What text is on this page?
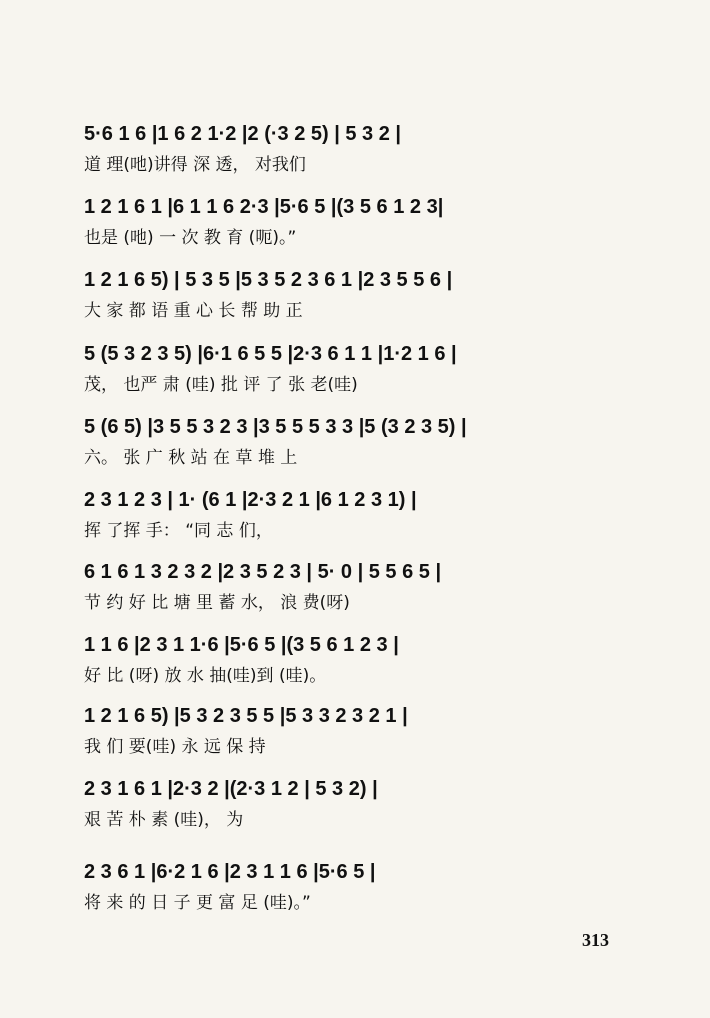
5·6 1 6 |1 6 2 1·2 |2 (·3 2 5) | 5 3 2 |
道 理(吔)讲得 深 透， 对我们
1 2 1 6 1 |6 1 1 6 2·3 |5·6 5 |(3 5 6 1 2 3|
也是 (吔) 一 次 教 育 (呃)。”
1 2 1 6 5) | 5 3 5 |5 3 5 2 3 6 1 |2 3 5 5 6 |
大 家 都 语 重 心 长 帮 助 正
5 (5 3 2 3 5) |6·1 6 5 5 |2·3 6 1 1 |1·2 1 6 |
茂， 也严 肃 (哇) 批 评 了 张 老(哇)
5 (6 5) |3 5 5 3 2 3 |3 5 5 5 3 3 |5 (3 2 3 5) |
六。 张 广 秋 站 在 草 堆 上
2 3 1 2 3 | 1· (6 1 |2·3 2 1 |6 1 2 3 1) |
挥 了挥 手： “同 志 们，
6 1 6 1 3 2 3 2 |2 3 5 2 3 | 5· 0 | 5 5 6 5 |
节 约 好 比 塘 里 蓄 水， 浪 费(呀)
1 1 6 |2 3 1 1·6 |5·6 5 |(3 5 6 1 2 3 |
好 比 (呀) 放 水 抽(哇)到 (哇)。
1 2 1 6 5) |5 3 2 3 5 5 |5 3 3 2 3 2 1 |
我 们 要(哇) 永 远 保 持
2 3 1 6 1 |2·3 2 |(2·3 1 2 | 5 3 2) |
艰 苦 朴 素 (哇)， 为
2 3 6 1 |6·2 1 6 |2 3 1 1 6 |5·6 5 |
将 来 的 日 子 更 富 足 (哇)。”
313
